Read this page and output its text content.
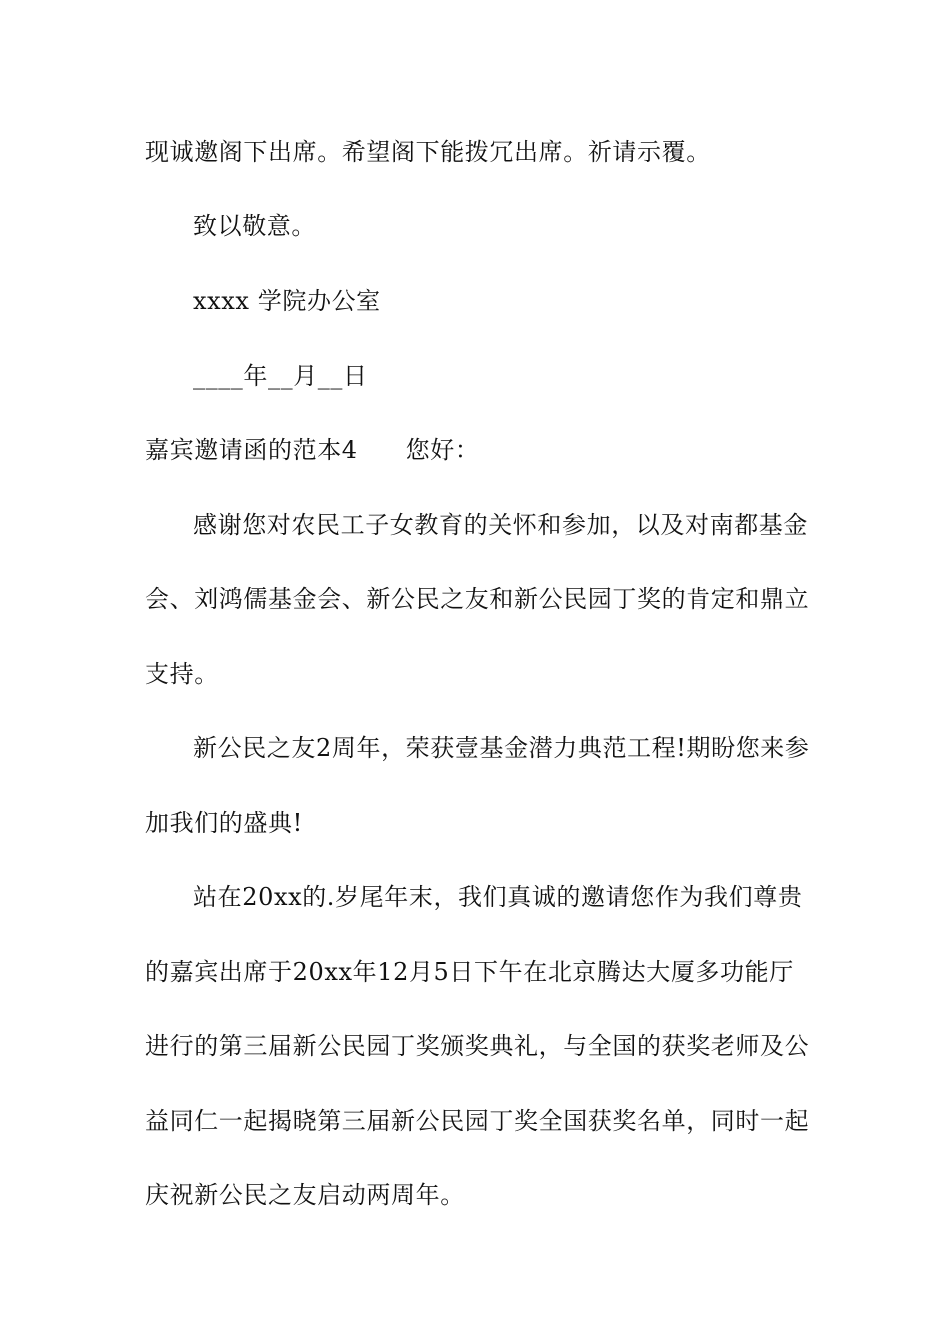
现诚邀阁下出席。希望阁下能拨冗出席。祈请示覆。
致以敬意。
xxxx 学院办公室
____年__月__日
嘉宾邀请函的范本4 您好：
感谢您对农民工子女教育的关怀和参加，以及对南都基金
会、刘鸿儒基金会、新公民之友和新公民园丁奖的肯定和鼎立
支持。
新公民之友2周年，荣获壹基金潜力典范工程!期盼您来参
加我们的盛典!
站在20xx的.岁尾年末，我们真诚的邀请您作为我们尊贵
的嘉宾出席于20xx年12月5日下午在北京腾达大厦多功能厅
进行的第三届新公民园丁奖颁奖典礼，与全国的获奖老师及公
益同仁一起揭晓第三届新公民园丁奖全国获奖名单，同时一起
庆祝新公民之友启动两周年。
